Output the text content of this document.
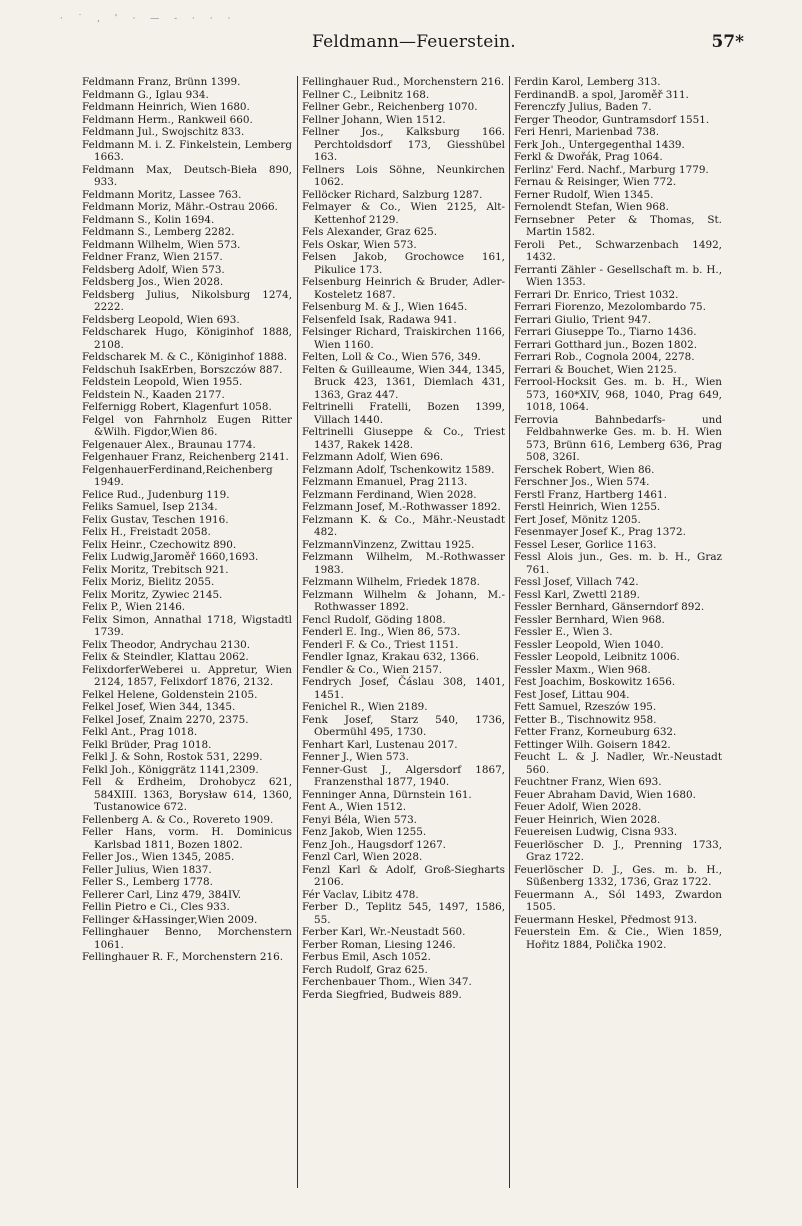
· ˙ , ‛ · — ‐ · · ·
Feldmann—Feuerstein.	57*
Feldmann Franz, Brünn 1399.
Feldmann G., Iglau 934.
Feldmann Heinrich, Wien 1680.
Feldmann Herm., Rankweil 660.
Feldmann Jul., Swojschitz 833.
Feldmann M. i. Z. Finkelstein, Lemberg 1663.
Feldmann Max, Deutsch-Bieła 890, 933.
Feldmann Moritz, Lassee 763.
Feldmann Moriz, Mähr.-Ostrau 2066.
Feldmann S., Kolin 1694.
Feldmann S., Lemberg 2282.
Feldmann Wilhelm, Wien 573.
Feldner Franz, Wien 2157.
Feldsberg Adolf, Wien 573.
Feldsberg Jos., Wien 2028.
Feldsberg Julius, Nikolsburg 1274, 2222.
Feldsberg Leopold, Wien 693.
Feldscharek Hugo, Königinhof 1888, 2108.
Feldscharek M. & C., Königinhof 1888.
Feldschuh IsakErben, Borszczów 887.
Feldstein Leopold, Wien 1955.
Feldstein N., Kaaden 2177.
Felfernigg Robert, Klagenfurt 1058.
Felgel von Fahrnholz Eugen Ritter &Wilh. Figdor,Wien 86.
Felgenauer Alex., Braunau 1774.
Felgenhauer Franz, Reichenberg 2141.
FelgenhauerFerdinand,Reichenberg 1949.
Felice Rud., Judenburg 119.
Feliks Samuel, Isep 2134.
Felix Gustav, Teschen 1916.
Felix H., Freistadt 2058.
Felix Heinr., Czechowitz 890.
Felix Ludwig,Jaroměř 1660,1693.
Felix Moritz, Trebitsch 921.
Felix Moriz, Bielitz 2055.
Felix Moritz, Zywiec 2145.
Felix P., Wien 2146.
Felix Simon, Annathal 1718, Wigstadtl 1739.
Felix Theodor, Andrychau 2130.
Felix & Steindler, Klattau 2062.
FelixdorferWeberei u. Appretur, Wien 2124, 1857, Felixdorf 1876, 2132.
Felkel Helene, Goldenstein 2105.
Felkel Josef, Wien 344, 1345.
Felkel Josef, Znaim 2270, 2375.
Felkl Ant., Prag 1018.
Felkl Brüder, Prag 1018.
Felkl J. & Sohn, Rostok 531, 2299.
Felkl Joh., Königgrätz 1141,2309.
Fell & Erdheim, Drohobycz 621, 584XIII. 1363, Borysław 614, 1360, Tustanowice 672.
Fellenberg A. & Co., Rovereto 1909.
Feller Hans, vorm. H. Dominicus Karlsbad 1811, Bozen 1802.
Feller Jos., Wien 1345, 2085.
Feller Julius, Wien 1837.
Feller S., Lemberg 1778.
Fellerer Carl, Linz 479, 384IV.
Fellin Pietro e Ci., Cles 933.
Fellinger &Hassinger,Wien 2009.
Fellinghauer Benno, Morchenstern 1061.
Fellinghauer R. F., Morchenstern 216.
Fellinghauer Rud., Morchenstern 216.
Fellner C., Leibnitz 168.
Fellner Gebr., Reichenberg 1070.
Fellner Johann, Wien 1512.
Fellner Jos., Kalksburg 166. Perchtoldsdorf 173, Giesshübel 163.
Fellners Lois Söhne, Neunkirchen 1062.
Fellöcker Richard, Salzburg 1287.
Felmayer & Co., Wien 2125, Alt-Kettenhof 2129.
Fels Alexander, Graz 625.
Fels Oskar, Wien 573.
Felsen Jakob, Grochowce 161, Pikulice 173.
Felsenburg Heinrich & Bruder, Adler-Kosteletz 1687.
Felsenburg M. & J., Wien 1645.
Felsenfeld Isak, Radawa 941.
Felsinger Richard, Traiskirchen 1166, Wien 1160.
Felten, Loll & Co., Wien 576, 349.
Felten & Guilleaume, Wien 344, 1345, Bruck 423, 1361, Diemlach 431, 1363, Graz 447.
Feltrinelli Fratelli, Bozen 1399, Villach 1440.
Feltrinelli Giuseppe & Co., Triest 1437, Rakek 1428.
Felzmann Adolf, Wien 696.
Felzmann Adolf, Tschenkowitz 1589.
Felzmann Emanuel, Prag 2113.
Felzmann Ferdinand, Wien 2028.
Felzmann Josef, M.-Rothwasser 1892.
Felzmann K. & Co., Mähr.-Neustadt 482.
FelzmannVinzenz, Zwittau 1925.
Felzmann Wilhelm, M.-Rothwasser 1983.
Felzmann Wilhelm, Friedek 1878.
Felzmann Wilhelm & Johann, M.-Rothwasser 1892.
Fencl Rudolf, Göding 1808.
Fenderl E. Ing., Wien 86, 573.
Fenderl F. & Co., Triest 1151.
Fendler Ignaz, Krakau 632, 1366.
Fendler & Co., Wien 2157.
Fendrych Josef, Čáslau 308, 1401, 1451.
Fenichel R., Wien 2189.
Fenk Josef, Starz 540, 1736, Obermühl 495, 1730.
Fenhart Karl, Lustenau 2017.
Fenner J., Wien 573.
Fenner-Gust J., Algersdorf 1867, Franzensthal 1877, 1940.
Fenninger Anna, Dürnstein 161.
Fent A., Wien 1512.
Fenyi Béla, Wien 573.
Fenz Jakob, Wien 1255.
Fenz Joh., Haugsdorf 1267.
Fenzl Carl, Wien 2028.
Fenzl Karl & Adolf, Groß-Siegharts 2106.
Fér Vaclav, Libitz 478.
Ferber D., Teplitz 545, 1497, 1586, 55.
Ferber Karl, Wr.-Neustadt 560.
Ferber Roman, Liesing 1246.
Ferbus Emil, Asch 1052.
Ferch Rudolf, Graz 625.
Ferchenbauer Thom., Wien 347.
Ferda Siegfried, Budweis 889.
Ferdin Karol, Lemberg 313.
FerdinandB. a spol, Jaroměř 311.
Ferenczfy Julius, Baden 7.
Ferger Theodor, Guntramsdorf 1551.
Feri Henri, Marienbad 738.
Ferk Joh., Untergegenthal 1439.
Ferkl & Dwořák, Prag 1064.
Ferlinz' Ferd. Nachf., Marburg 1779.
Fernau & Reisinger, Wien 772.
Ferner Rudolf, Wien 1345.
Fernolendt Stefan, Wien 968.
Fernsebner Peter & Thomas, St. Martin 1582.
Feroli Pet., Schwarzenbach 1492, 1432.
Ferranti Zähler - Gesellschaft m. b. H., Wien 1353.
Ferrari Dr. Enrico, Triest 1032.
Ferrari Fiorenzo, Mezolombardo 75.
Ferrari Giulio, Trient 947.
Ferrari Giuseppe To., Tiarno 1436.
Ferrari Gotthard jun., Bozen 1802.
Ferrari Rob., Cognola 2004, 2278.
Ferrari & Bouchet, Wien 2125.
Ferrool-Hocksit Ges. m. b. H., Wien 573, 160*XIV, 968, 1040, Prag 649, 1018, 1064.
Ferrovia Bahnbedarfs- und Feldbahnwerke Ges. m. b. H. Wien 573, Brünn 616, Lemberg 636, Prag 508, 326I.
Ferschek Robert, Wien 86.
Ferschner Jos., Wien 574.
Ferstl Franz, Hartberg 1461.
Ferstl Heinrich, Wien 1255.
Fert Josef, Mönitz 1205.
Fesenmayer Josef K., Prag 1372.
Fessel Leser, Gorlice 1163.
Fessl Alois jun., Ges. m. b. H., Graz 761.
Fessl Josef, Villach 742.
Fessl Karl, Zwettl 2189.
Fessler Bernhard, Gänserndorf 892.
Fessler Bernhard, Wien 968.
Fessler E., Wien 3.
Fessler Leopold, Wien 1040.
Fessler Leopold, Leibnitz 1006.
Fessler Maxm., Wien 968.
Fest Joachim, Boskowitz 1656.
Fest Josef, Littau 904.
Fett Samuel, Rzeszów 195.
Fetter B., Tischnowitz 958.
Fetter Franz, Korneuburg 632.
Fettinger Wilh. Goisern 1842.
Feucht L. & J. Nadler, Wr.-Neustadt 560.
Feuchtner Franz, Wien 693.
Feuer Abraham David, Wien 1680.
Feuer Adolf, Wien 2028.
Feuer Heinrich, Wien 2028.
Feuereisen Ludwig, Cisna 933.
Feuerlöscher D. J., Prenning 1733, Graz 1722.
Feuerlöscher D. J., Ges. m. b. H., Süßenberg 1332, 1736, Graz 1722.
Feuermann A., Sól 1493, Zwardon 1505.
Feuermann Heskel, Předmost 913.
Feuerstein Em. & Cie., Wien 1859, Hořitz 1884, Polička 1902.
